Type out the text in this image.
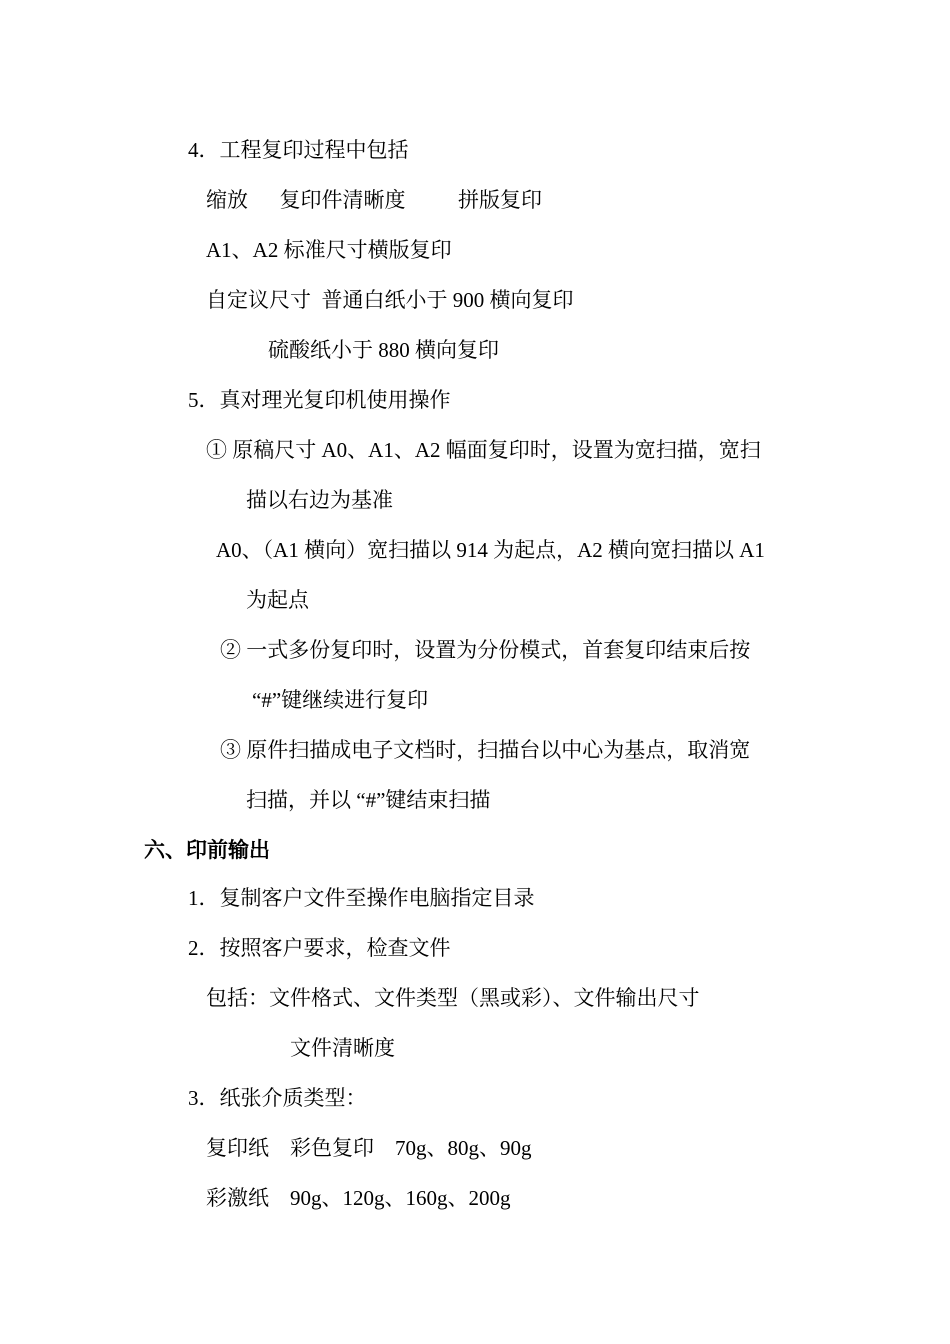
4．工程复印过程中包括
缩放　  复印件清晰度　  　拼版复印
A1、A2 标准尺寸横版复印
自定议尺寸  普通白纸小于 900 横向复印
硫酸纸小于 880 横向复印
5．真对理光复印机使用操作
① 原稿尺寸 A0、A1、A2 幅面复印时，设置为宽扫描，宽扫
描以右边为基准
A0、（A1 横向）宽扫描以 914 为起点，A2 横向宽扫描以 A1
为起点
② 一式多份复印时，设置为分份模式，首套复印结束后按
“#”键继续进行复印
③ 原件扫描成电子文档时，扫描台以中心为基点，取消宽
扫描，并以 “#”键结束扫描
六、印前输出
1．复制客户文件至操作电脑指定目录
2．按照客户要求，检查文件
包括：文件格式、文件类型（黑或彩）、文件输出尺寸
文件清晰度
3．纸张介质类型：
复印纸　彩色复印　70g、80g、90g
彩激纸　90g、120g、160g、200g
